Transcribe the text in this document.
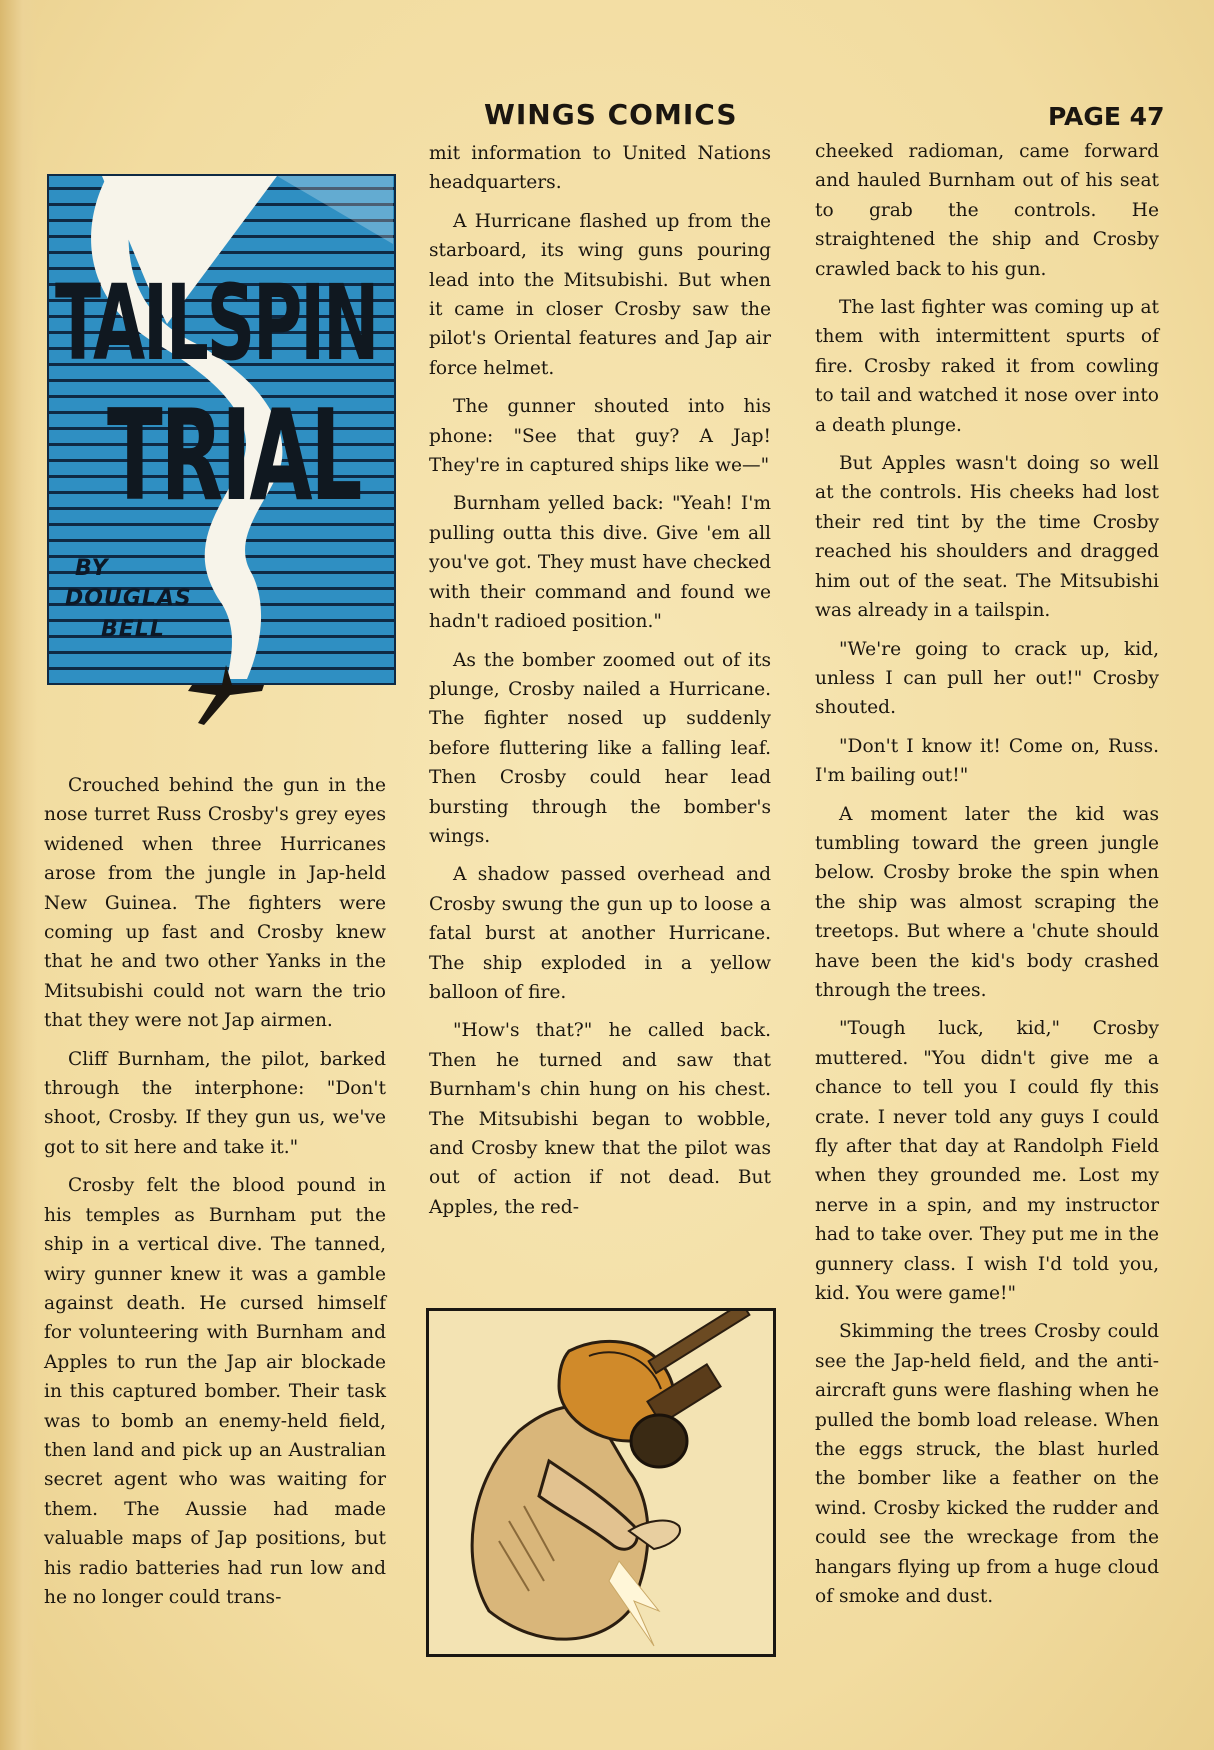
WINGS COMICS	PAGE 47
TAILSPIN
TRIAL
BY
DOUGLAS
BELL

Crouched behind the gun in the nose turret Russ Crosby's grey eyes widened when three Hurricanes arose from the jungle in Jap-held New Guinea. The fighters were coming up fast and Crosby knew that he and two other Yanks in the Mitsubishi could not warn the trio that they were not Jap airmen.

Cliff Burnham, the pilot, barked through the interphone: "Don't shoot, Crosby. If they gun us, we've got to sit here and take it."

Crosby felt the blood pound in his temples as Burnham put the ship in a vertical dive. The tanned, wiry gunner knew it was a gamble against death. He cursed himself for volunteering with Burnham and Apples to run the Jap air blockade in this captured bomber. Their task was to bomb an enemy-held field, then land and pick up an Australian secret agent who was waiting for them. The Aussie had made valuable maps of Jap positions, but his radio batteries had run low and he no longer could trans-

mit information to United Nations headquarters.

A Hurricane flashed up from the starboard, its wing guns pouring lead into the Mitsubishi. But when it came in closer Crosby saw the pilot's Oriental features and Jap air force helmet.

The gunner shouted into his phone: "See that guy? A Jap! They're in captured ships like we—"

Burnham yelled back: "Yeah! I'm pulling outta this dive. Give 'em all you've got. They must have checked with their command and found we hadn't radioed position."

As the bomber zoomed out of its plunge, Crosby nailed a Hurricane. The fighter nosed up suddenly before fluttering like a falling leaf. Then Crosby could hear lead bursting through the bomber's wings.

A shadow passed overhead and Crosby swung the gun up to loose a fatal burst at another Hurricane. The ship exploded in a yellow balloon of fire.

"How's that?" he called back. Then he turned and saw that Burnham's chin hung on his chest. The Mitsubishi began to wobble, and Crosby knew that the pilot was out of action if not dead. But Apples, the red-

cheeked radioman, came forward and hauled Burnham out of his seat to grab the controls. He straightened the ship and Crosby crawled back to his gun.

The last fighter was coming up at them with intermittent spurts of fire. Crosby raked it from cowling to tail and watched it nose over into a death plunge.

But Apples wasn't doing so well at the controls. His cheeks had lost their red tint by the time Crosby reached his shoulders and dragged him out of the seat. The Mitsubishi was already in a tailspin.

"We're going to crack up, kid, unless I can pull her out!" Crosby shouted.

"Don't I know it! Come on, Russ. I'm bailing out!"

A moment later the kid was tumbling toward the green jungle below. Crosby broke the spin when the ship was almost scraping the treetops. But where a 'chute should have been the kid's body crashed through the trees.

"Tough luck, kid," Crosby muttered. "You didn't give me a chance to tell you I could fly this crate. I never told any guys I could fly after that day at Randolph Field when they grounded me. Lost my nerve in a spin, and my instructor had to take over. They put me in the gunnery class. I wish I'd told you, kid. You were game!"

Skimming the trees Crosby could see the Jap-held field, and the anti-aircraft guns were flashing when he pulled the bomb load release. When the eggs struck, the blast hurled the bomber like a feather on the wind. Crosby kicked the rudder and could see the wreckage from the hangars flying up from a huge cloud of smoke and dust.
